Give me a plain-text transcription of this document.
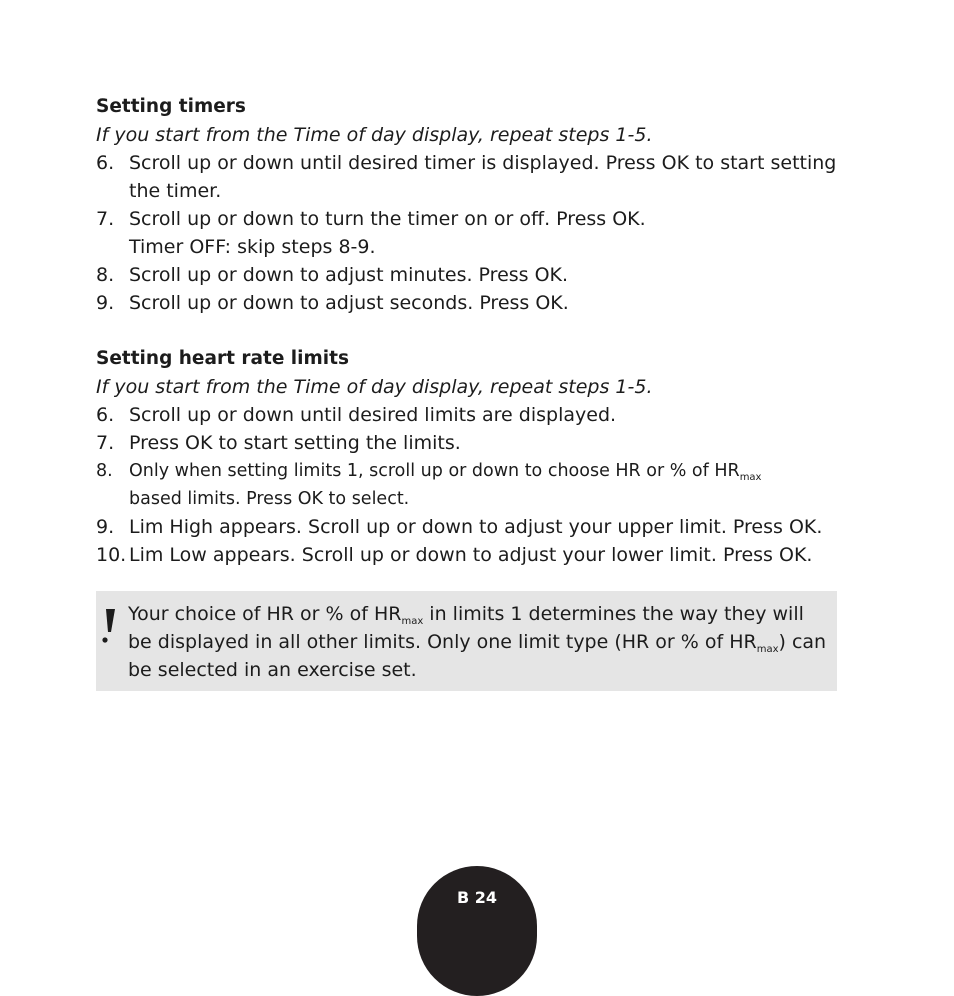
Setting timers
If you start from the Time of day display, repeat steps 1-5.
6. Scroll up or down until desired timer is displayed. Press OK to start setting the timer.
7. Scroll up or down to turn the timer on or off. Press OK.
Timer OFF: skip steps 8-9.
8. Scroll up or down to adjust minutes. Press OK.
9. Scroll up or down to adjust seconds. Press OK.
Setting heart rate limits
If you start from the Time of day display, repeat steps 1-5.
6. Scroll up or down until desired limits are displayed.
7. Press OK to start setting the limits.
8. Only when setting limits 1, scroll up or down to choose HR or % of $HR_{max}$
based limits. Press OK to select.
9. Lim High appears. Scroll up or down to adjust your upper limit. Press OK.
10. Lim Low appears. Scroll up or down to adjust your lower limit. Press OK.
Your choice of HR or % of $HR_{max}$ in limits 1 determines the way they will be displayed in all other limits. Only one limit type (HR or % of $HR_{max}$) can be selected in an exercise set.
B 24
